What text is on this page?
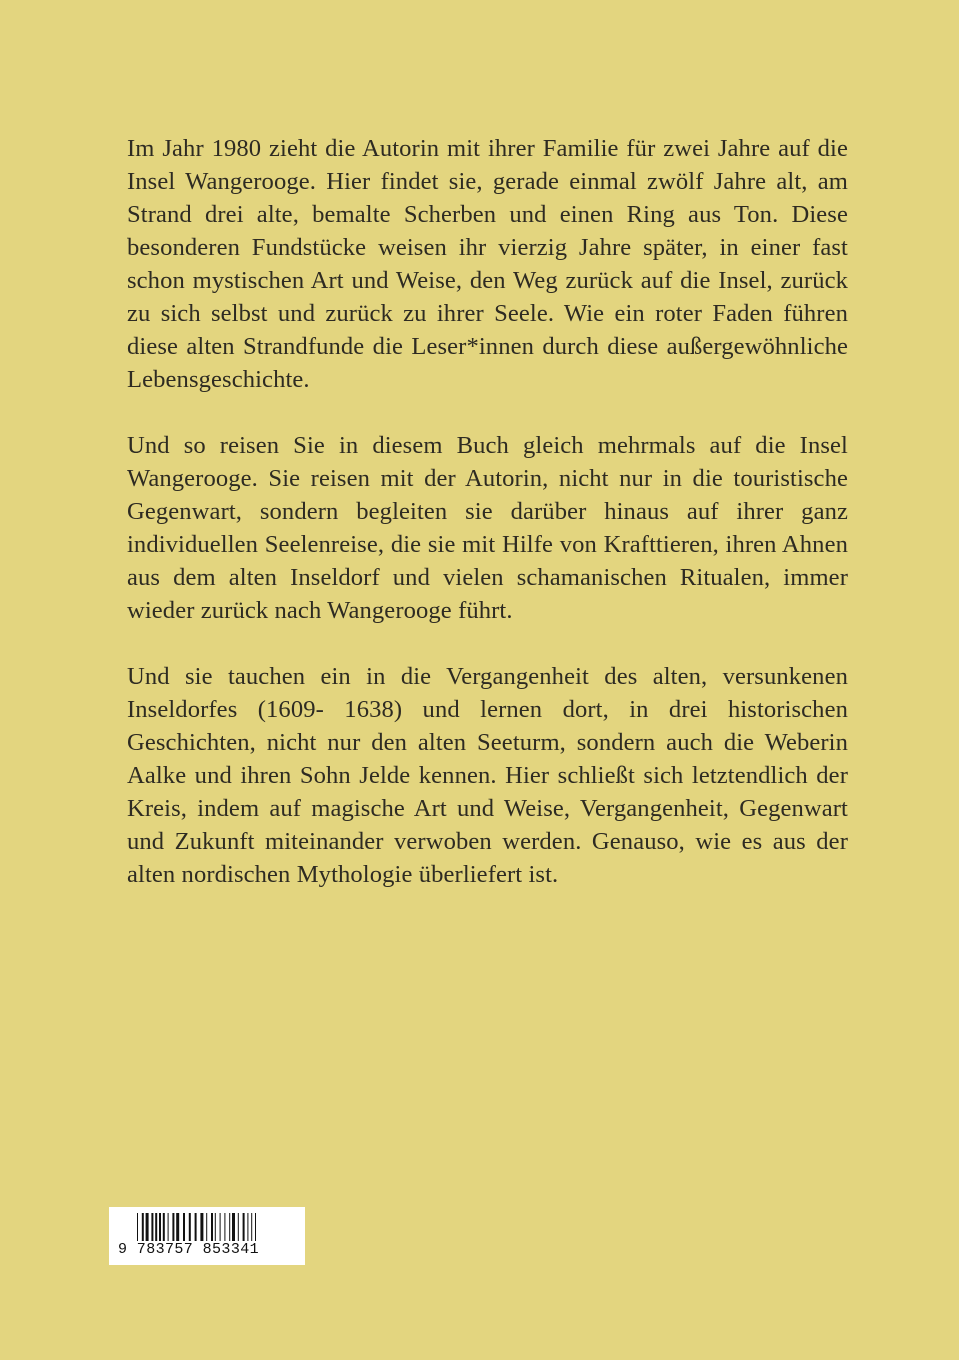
Im Jahr 1980 zieht die Autorin mit ihrer Familie für zwei Jahre auf die Insel Wangerooge. Hier findet sie, gerade einmal zwölf Jahre alt, am Strand drei alte, bemalte Scherben und einen Ring aus Ton. Diese besonderen Fundstücke weisen ihr vierzig Jahre später, in einer fast schon mystischen Art und Weise, den Weg zurück auf die Insel, zurück zu sich selbst und zurück zu ihrer Seele. Wie ein roter Faden führen diese alten Strandfunde die Leser*innen durch diese außergewöhnliche Lebensgeschichte.

Und so reisen Sie in diesem Buch gleich mehrmals auf die Insel Wangerooge. Sie reisen mit der Autorin, nicht nur in die touristische Gegenwart, sondern begleiten sie darüber hinaus auf ihrer ganz individuellen Seelenreise, die sie mit Hilfe von Krafttieren, ihren Ahnen aus dem alten Inseldorf und vielen schamanischen Ritualen, immer wieder zurück nach Wangerooge führt.

Und sie tauchen ein in die Vergangenheit des alten, versunkenen Inseldorfes (1609- 1638) und lernen dort, in drei historischen Geschichten, nicht nur den alten Seeturm, sondern auch die Weberin Aalke und ihren Sohn Jelde kennen. Hier schließt sich letztendlich der Kreis, indem auf magische Art und Weise, Vergangenheit, Gegenwart und Zukunft miteinander verwoben werden. Genauso, wie es aus der alten nordischen Mythologie überliefert ist.

9 783757 853341
